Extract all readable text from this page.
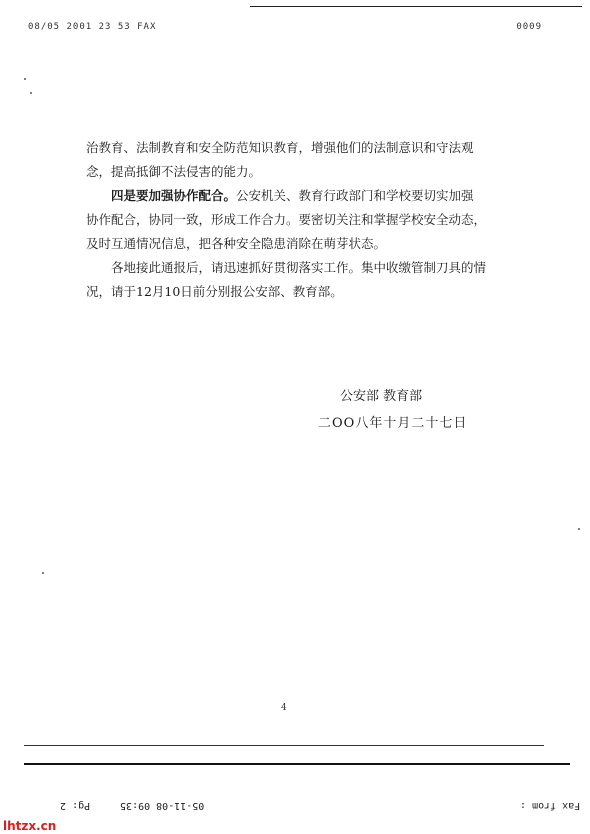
08/05 2001 23 53 FAX	0009

治教育、法制教育和安全防范知识教育，增强他们的法制意识和守法观念，提高抵御不法侵害的能力。

四是要加强协作配合。公安机关、教育行政部门和学校要切实加强协作配合，协同一致，形成工作合力。要密切关注和掌握学校安全动态，及时互通情况信息，把各种安全隐患消除在萌芽状态。

各地接此通报后，请迅速抓好贯彻落实工作。集中收缴管制刀具的情况，请于12月10日前分别报公安部、教育部。

公安部 教育部
二OO八年十月二十七日
4
Pg: 2	05-11-08 09:35	Fax from :
lhtzx.cn
